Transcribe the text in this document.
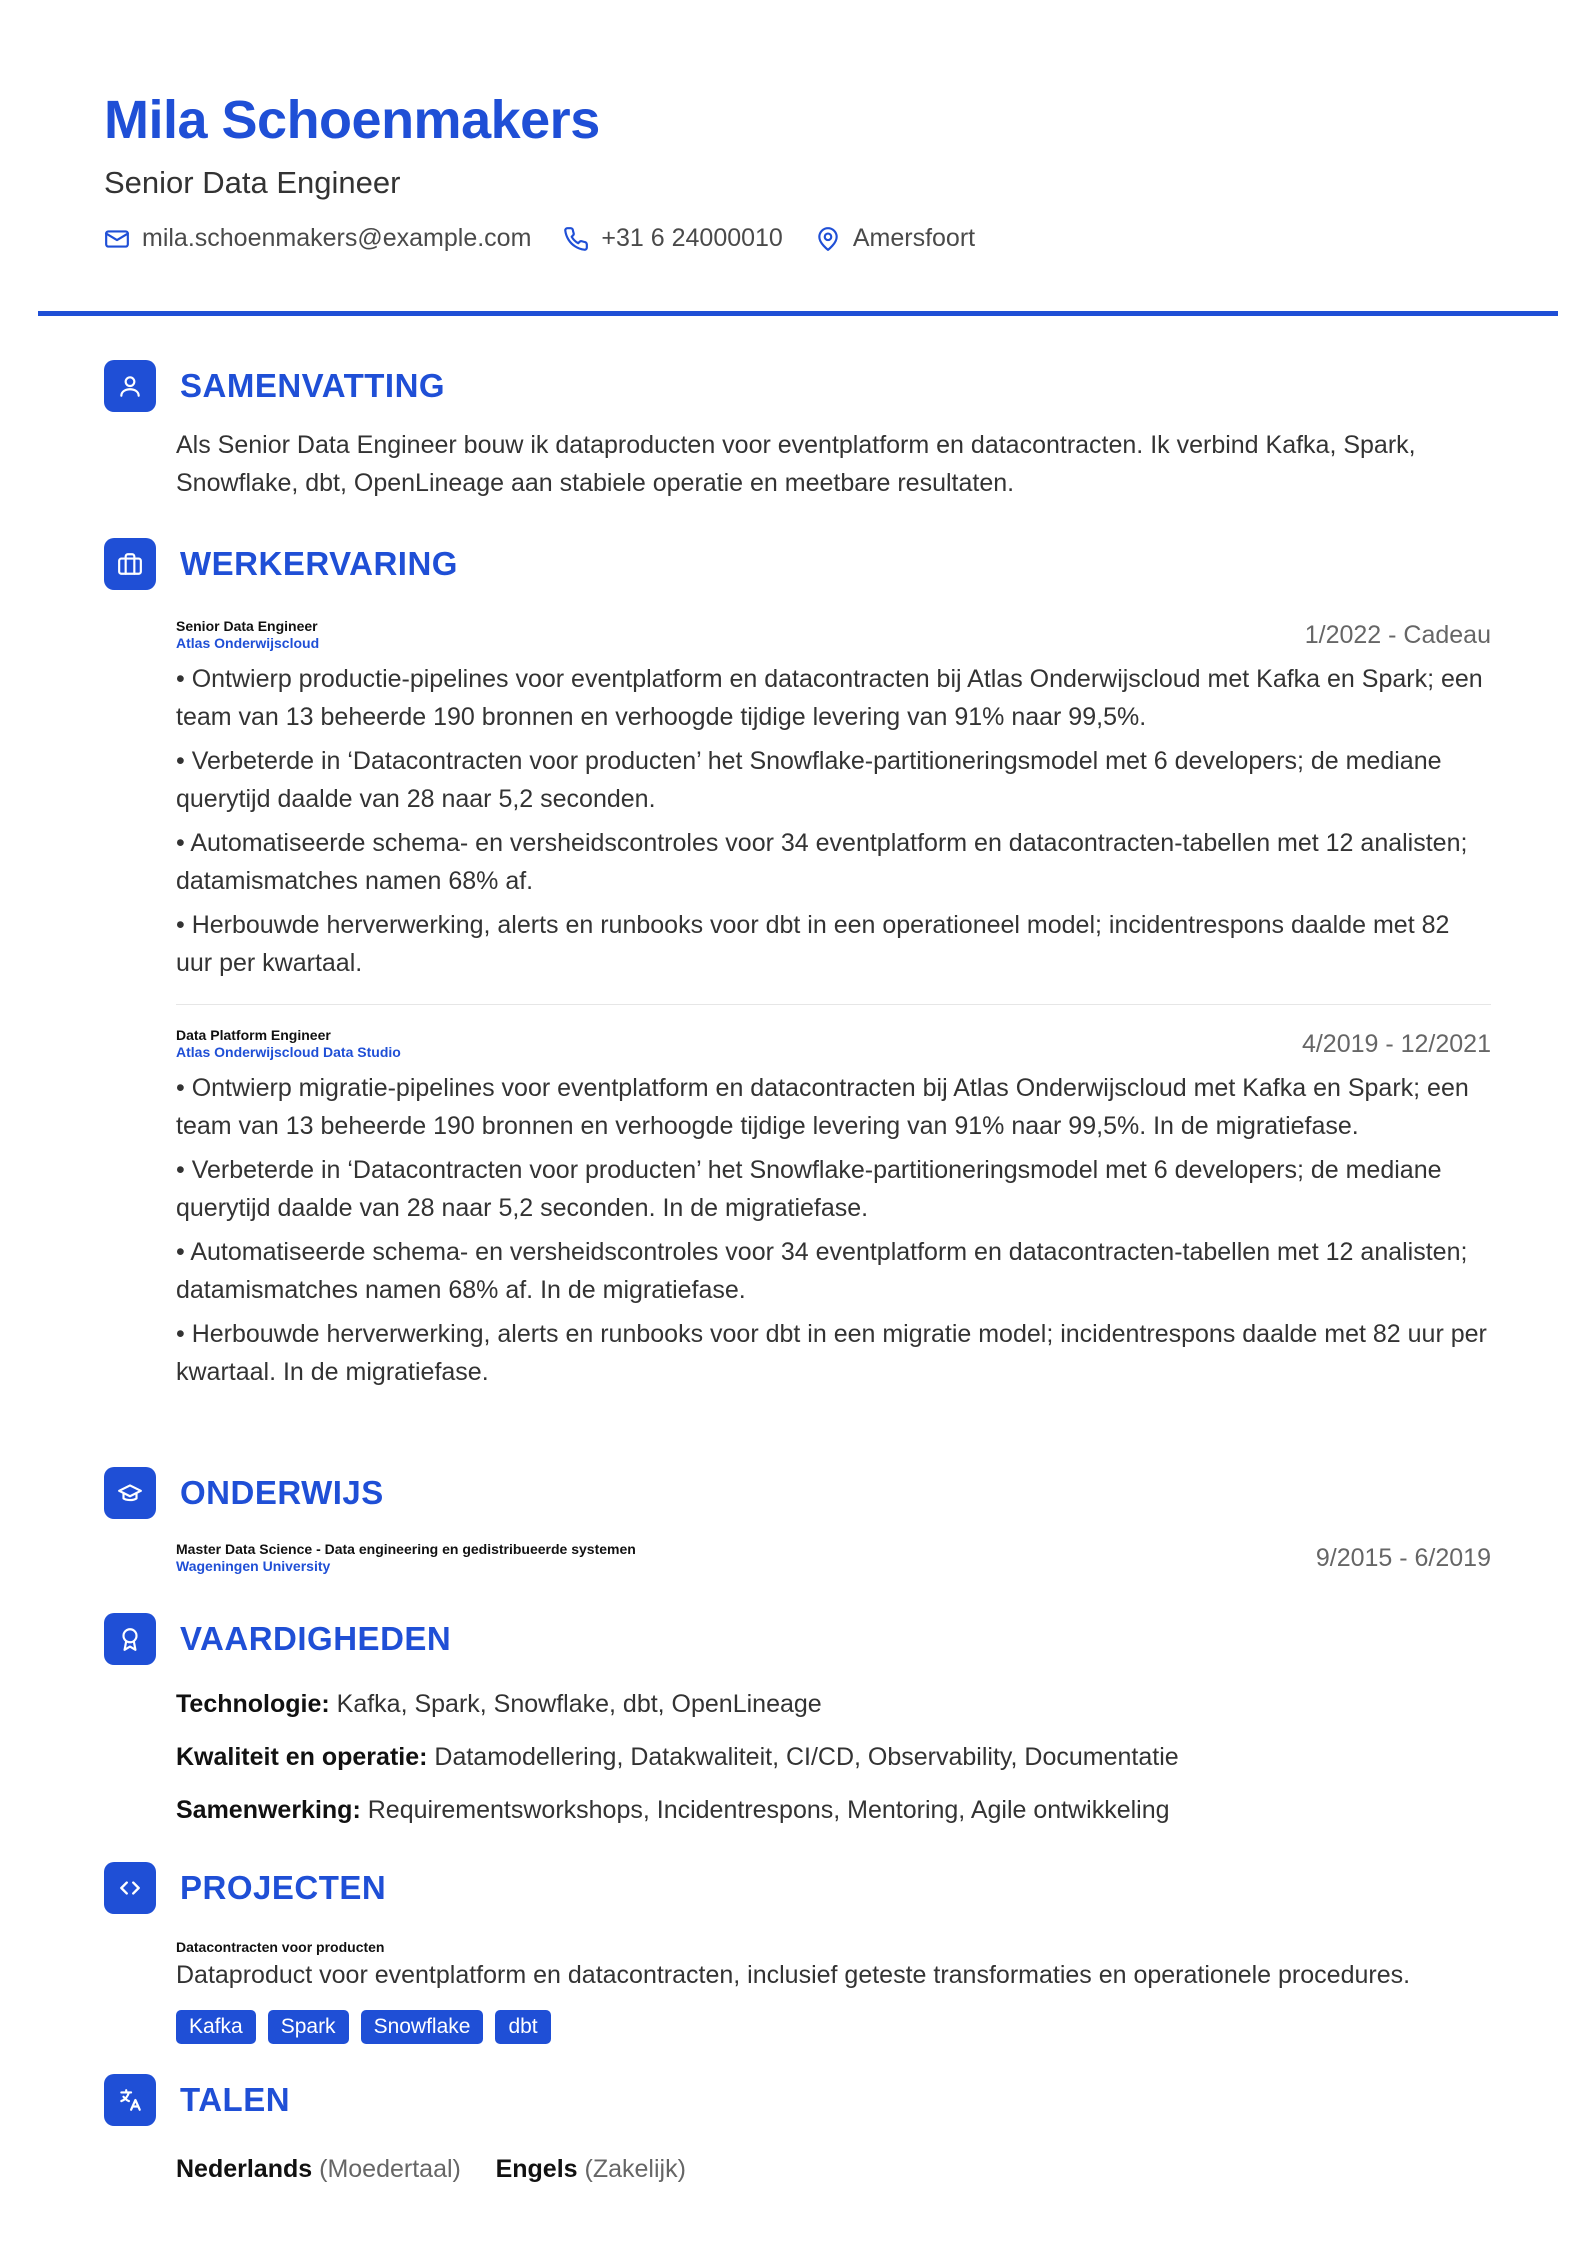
Mila Schoenmakers
Senior Data Engineer
mila.schoenmakers@example.com	+31 6 24000010	Amersfoort
SAMENVATTING
Als Senior Data Engineer bouw ik dataproducten voor eventplatform en datacontracten. Ik verbind Kafka, Spark, Snowflake, dbt, OpenLineage aan stabiele operatie en meetbare resultaten.
WERKERVARING
Senior Data Engineer
Atlas Onderwijscloud	1/2022 - Cadeau
• Ontwierp productie-pipelines voor eventplatform en datacontracten bij Atlas Onderwijscloud met Kafka en Spark; een team van 13 beheerde 190 bronnen en verhoogde tijdige levering van 91% naar 99,5%.
• Verbeterde in ‘Datacontracten voor producten’ het Snowflake-partitioneringsmodel met 6 developers; de mediane querytijd daalde van 28 naar 5,2 seconden.
• Automatiseerde schema- en versheidscontroles voor 34 eventplatform en datacontracten-tabellen met 12 analisten; datamismatches namen 68% af.
• Herbouwde herverwerking, alerts en runbooks voor dbt in een operationeel model; incidentrespons daalde met 82 uur per kwartaal.
Data Platform Engineer
Atlas Onderwijscloud Data Studio	4/2019 - 12/2021
• Ontwierp migratie-pipelines voor eventplatform en datacontracten bij Atlas Onderwijscloud met Kafka en Spark; een team van 13 beheerde 190 bronnen en verhoogde tijdige levering van 91% naar 99,5%. In de migratiefase.
• Verbeterde in ‘Datacontracten voor producten’ het Snowflake-partitioneringsmodel met 6 developers; de mediane querytijd daalde van 28 naar 5,2 seconden. In de migratiefase.
• Automatiseerde schema- en versheidscontroles voor 34 eventplatform en datacontracten-tabellen met 12 analisten; datamismatches namen 68% af. In de migratiefase.
• Herbouwde herverwerking, alerts en runbooks voor dbt in een migratie model; incidentrespons daalde met 82 uur per kwartaal. In de migratiefase.
ONDERWIJS
Master Data Science - Data engineering en gedistribueerde systemen
Wageningen University	9/2015 - 6/2019
VAARDIGHEDEN
Technologie: Kafka, Spark, Snowflake, dbt, OpenLineage
Kwaliteit en operatie: Datamodellering, Datakwaliteit, CI/CD, Observability, Documentatie
Samenwerking: Requirementsworkshops, Incidentrespons, Mentoring, Agile ontwikkeling
PROJECTEN
Datacontracten voor producten
Dataproduct voor eventplatform en datacontracten, inclusief geteste transformaties en operationele procedures.
Kafka	Spark	Snowflake	dbt
TALEN
Nederlands (Moedertaal) Engels (Zakelijk)
